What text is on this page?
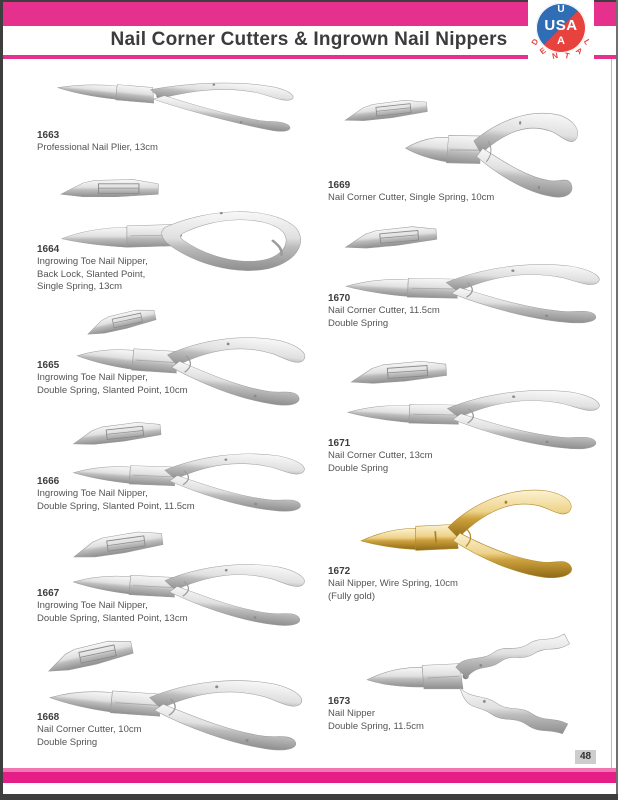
Nail Corner Cutters & Ingrown Nail Nippers
U
USA
A
D
E N T A
L
1663
Professional Nail Plier, 13cm
1664
Ingrowing Toe Nail Nipper,
Back Lock, Slanted Point,
Single Spring, 13cm
1665
Ingrowing Toe Nail Nipper,
Double Spring, Slanted Point, 10cm
1666
Ingrowing Toe Nail Nipper,
Double Spring, Slanted Point, 11.5cm
1667
Ingrowing Toe Nail Nipper,
Double Spring, Slanted Point, 13cm
1668
Nail Corner Cutter, 10cm
Double Spring
1669
Nail Corner Cutter, Single Spring, 10cm
1670
Nail Corner Cutter, 11.5cm
Double Spring
1671
Nail Corner Cutter, 13cm
Double Spring
1672
Nail Nipper, Wire Spring, 10cm
(Fully gold)
1673
Nail Nipper
Double Spring, 11.5cm
48
